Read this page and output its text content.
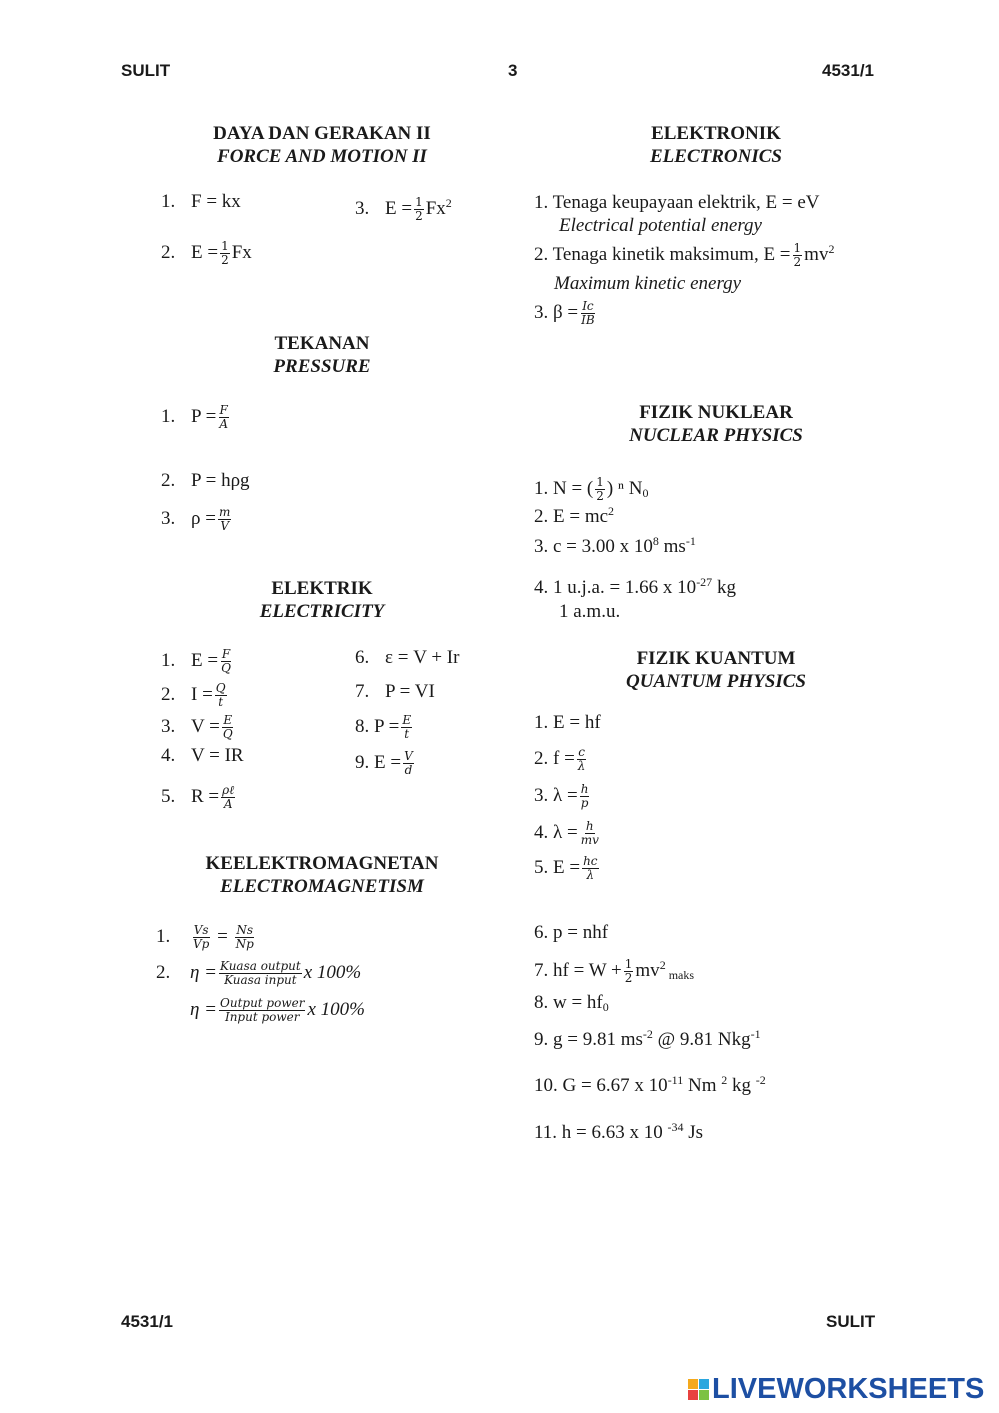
SULIT	3	4531/1
DAYA DAN GERAKAN II
FORCE AND MOTION II
1. F = kx
2. $E = \frac{1}{2}$ Fx
3. $E = \frac{1}{2} Fx^2$
TEKANAN
PRESSURE
1. $P = \frac{F}{A}$
2. P = hρg
3. $\rho = \frac{m}{V}$
ELEKTRIK
ELECTRICITY
1. $E = \frac{F}{Q}$
2. $I = \frac{Q}{t}$
3. $V = \frac{E}{Q}$
4. V = IR
5. $R = \frac{\text{ρℓ}}{A}$
6. ε = V + Ir
7. P = VI
8. $P = \frac{E}{t}$
9. $E = \frac{V}{d}$
KEELEKTROMAGNETAN
ELECTROMAGNETISM
1. $\frac{Vs}{Vp} = \frac{Ns}{Np}$
2. $\eta = \frac{\text{Kuasa output}}{\text{Kuasa input}}$ x 100%
$\eta = \frac{\text{Output power}}{\text{Input power}}$ x 100%
ELEKTRONIK
ELECTRONICS
1. Tenaga keupayaan elektrik, E = eV
Electrical potential energy
2. Tenaga kinetik maksimum, $E = \frac{1}{2} mv^2$
Maximum kinetic energy
3. $\beta = \frac{Ic}{IB}$
FIZIK NUKLEAR
NUCLEAR PHYSICS
1. N = ( $\frac{1}{2}$ ) ⁿ $N_0$
2. $E = mc^2$
3. c = 3.00 x $10^8$ $ms^{-1}$
4. 1 u.j.a. = 1.66 x $10^{-27}$ kg
1 a.m.u.
FIZIK KUANTUM
QUANTUM PHYSICS
1. E = hf
2. $f = \frac{c}{\lambda}$
3. $\lambda = \frac{h}{p}$
4. $\lambda = \frac{h}{mv}$
5. $E = \frac{hc}{\lambda}$
6. p = nhf
7. hf = $W + \frac{1}{2} mv^2$ $_{maks}$
8. $w = hf_0$
9. g = 9.81 $ms^{-2}$ @ 9.81 Nkg$^{-1}$
10. G = 6.67 x $10^{-11}$ Nm $^2$ kg $^{-2}$
11. h = 6.63 x 10 $^{-34}$ Js
4531/1	SULIT
LIVEWORKSHEETS
